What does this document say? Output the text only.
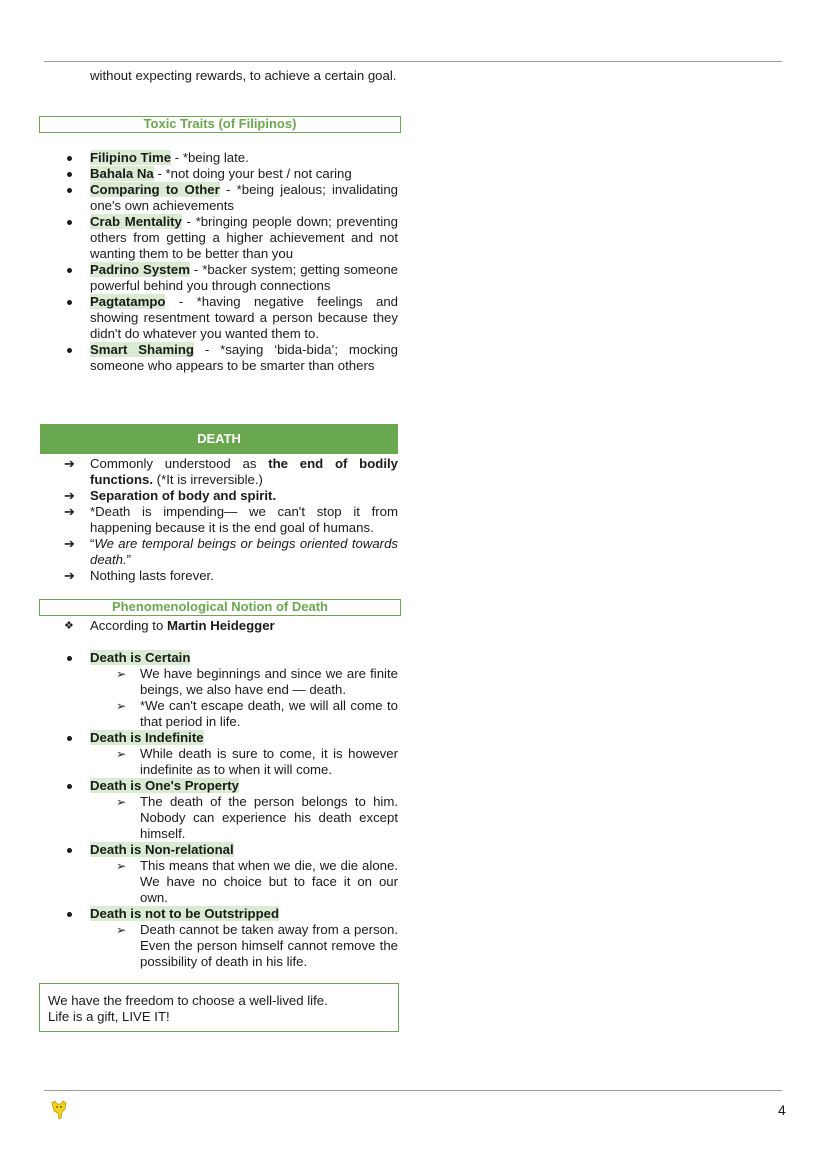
without expecting rewards, to achieve a certain goal.
Toxic Traits (of Filipinos)
Filipino Time - *being late.
Bahala Na - *not doing your best / not caring
Comparing to Other - *being jealous; invalidating one's own achievements
Crab Mentality - *bringing people down; preventing others from getting a higher achievement and not wanting them to be better than you
Padrino System - *backer system; getting someone powerful behind you through connections
Pagtatampo - *having negative feelings and showing resentment toward a person because they didn't do whatever you wanted them to.
Smart Shaming - *saying ‘bida-bida’; mocking someone who appears to be smarter than others
DEATH
➔	Commonly understood as the end of bodily functions. (*It is irreversible.)
➔	Separation of body and spirit.
➔	*Death is impending— we can't stop it from happening because it is the end goal of humans.
➔	“We are temporal beings or beings oriented towards death.”
➔	Nothing lasts forever.
Phenomenological Notion of Death
❖	According to Martin Heidegger
Death is Certain
➢ We have beginnings and since we are finite beings, we also have end — death.
➢ *We can't escape death, we will all come to that period in life.
Death is Indefinite
➢ While death is sure to come, it is however indefinite as to when it will come.
Death is One's Property
➢ The death of the person belongs to him. Nobody can experience his death except himself.
Death is Non-relational
➢ This means that when we die, we die alone. We have no choice but to face it on our own.
Death is not to be Outstripped
➢ Death cannot be taken away from a person. Even the person himself cannot remove the possibility of death in his life.
We have the freedom to choose a well-lived life.
Life is a gift, LIVE IT!
4
